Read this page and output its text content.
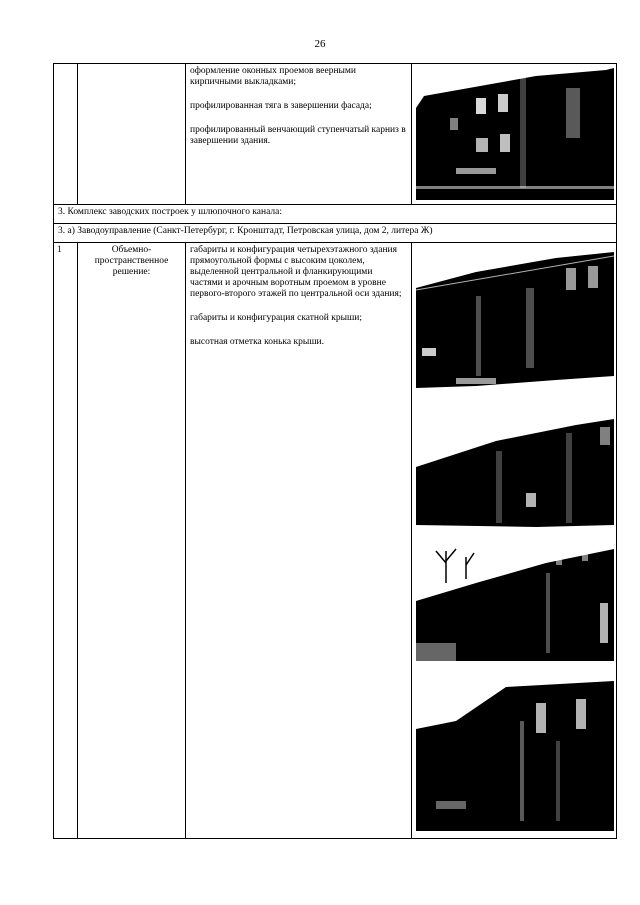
26

оформление оконных проемов веерными кирпичными выкладками;

профилированная тяга в завершении фасада;

профилированный венчающий ступенчатый карниз в завершении здания.

3. Комплекс заводских построек у шлюпочного канала:
3. а) Заводоуправление (Санкт-Петербург, г. Кронштадт, Петровская улица, дом 2, литера Ж)
1	Объемно-пространственное решение:

габариты и конфигурация четырехэтажного здания прямоугольной формы с высоким цоколем, выделенной центральной и фланкирующими частями и арочным воротным проемом в уровне первого-второго этажей по центральной оси здания;

габариты и конфигурация скатной крыши;

высотная отметка конька крыши.
